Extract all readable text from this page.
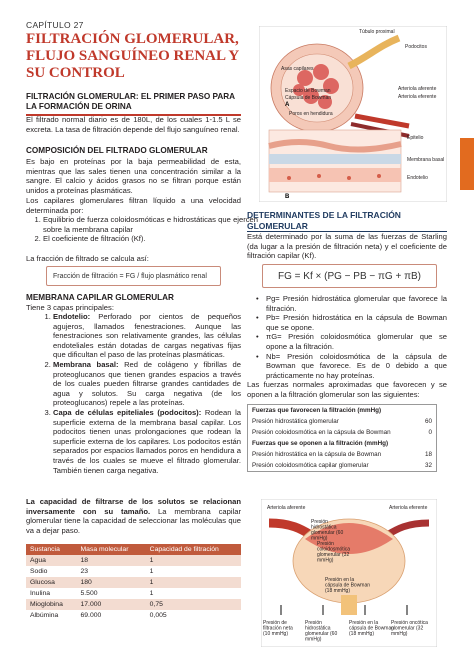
CAPÍTULO 27
FILTRACIÓN GLOMERULAR, FLUJO SANGUÍNEO RENAL Y SU CONTROL
FILTRACIÓN GLOMERULAR: EL PRIMER PASO PARA LA FORMACIÓN DE ORINA
El filtrado normal diario es de 180L, de los cuales 1-1.5 L se excreta. La tasa de filtración depende del flujo sanguíneo renal.
COMPOSICIÓN DEL FILTRADO GLOMERULAR
Es bajo en proteínas por la baja permeabilidad de esta, mientras que las sales tienen una concentración similar a la sangre. El calcio y ácidos grasos no se filtran porque están unidos a proteínas plasmáticas.
Los capilares glomerulares filtran líquido a una velocidad determinada por:
1. Equilibrio de fuerza coloidosmóticas e hidrostáticas que ejercen sobre la membrana capilar
2. El coeficiente de filtración (Kf).
La fracción de filtrado se calcula así:
Fracción de filtración = FG / flujo plasmático renal
MEMBRANA CAPILAR GLOMERULAR
Tiene 3 capas principales:
1. Endotelio: Perforado por cientos de pequeños agujeros, llamados fenestraciones. Aunque las fenestraciones son relativamente grandes, las células endoteliales están dotadas de cargas negativas fijas que dificultan el paso de las proteínas plasmáticas.
2. Membrana basal: Red de colágeno y fibrillas de proteoglucanos que tienen grandes espacios a través de los cuales pueden filtrarse grandes cantidades de agua y solutos. Su carga negativa (de los proteoglucanos) repele a las proteínas.
3. Capa de células epiteliales (podocitos): Rodean la superficie externa de la membrana basal capilar. Los podocitos tienen unas prolongaciones que rodean la superficie externa de los capilares. Los podocitos están separados por espacios llamados poros en hendidura a través de los cuales se mueve el filtrado glomerular. También tienen carga negativa.
La capacidad de filtrarse de los solutos se relacionan inversamente con su tamaño. La membrana capilar glomerular tiene la capacidad de seleccionar las moléculas que va a dejar paso.
Sustancia	Masa molecular	Capacidad de filtración
Agua	18	1
Sodio	23	1
Glucosa	180	1
Inulina	5.500	1
Mioglobina	17.000	0,75
Albúmina	69.000	0,005
Túbulo proximal
Podocitos
Asas capilares
Espacio de Bowman
Cápsula de Bowman
Arteriola aferente
Arteriola eferente
Poros en hendidura
A
Epitelio
Membrana basal
Endotelio
B
DETERMINANTES DE LA FILTRACIÓN GLOMERULAR
Está determinado por la suma de las fuerzas de Starling (da lugar a la presión de filtración neta) y el coeficiente de filtración capilar (Kf).
FG = Kf × (PG − PB − πG + πB)
• Pg= Presión hidrostática glomerular que favorece la filtración.
• Pb= Presión hidrostática en la cápsula de Bowman que se opone.
• πG= Presión coloidosmótica glomerular que se opone a la filtración.
• Nb= Presión coloidosmótica de la cápsula de Bowman que favorece. Es de 0 debido a que prácticamente no hay proteínas.
Las fuerzas normales aproximadas que favorecen y se oponen a la filtración glomerular son las siguientes:
Fuerzas que favorecen la filtración (mmHg)	
Presión hidrostática glomerular	60
Presión coloidosmótica en la cápsula de Bowman	0
Fuerzas que se oponen a la filtración (mmHg)	
Presión hidrostática en la cápsula de Bowman	18
Presión coloidosmótica capilar glomerular	32
Arteriola aferente
Presión hidrostática glomerular (60 mmHg)
Presión coloidosmótica glomerular (32 mmHg)
Arteriola eferente
Presión en la cápsula de Bowman (18 mmHg)
Presión de filtración neta (10 mmHg)
Presión hidrostática glomerular (60 mmHg)
Presión en la cápsula de Bowman (18 mmHg)
Presión oncótica glomerular (32 mmHg)
